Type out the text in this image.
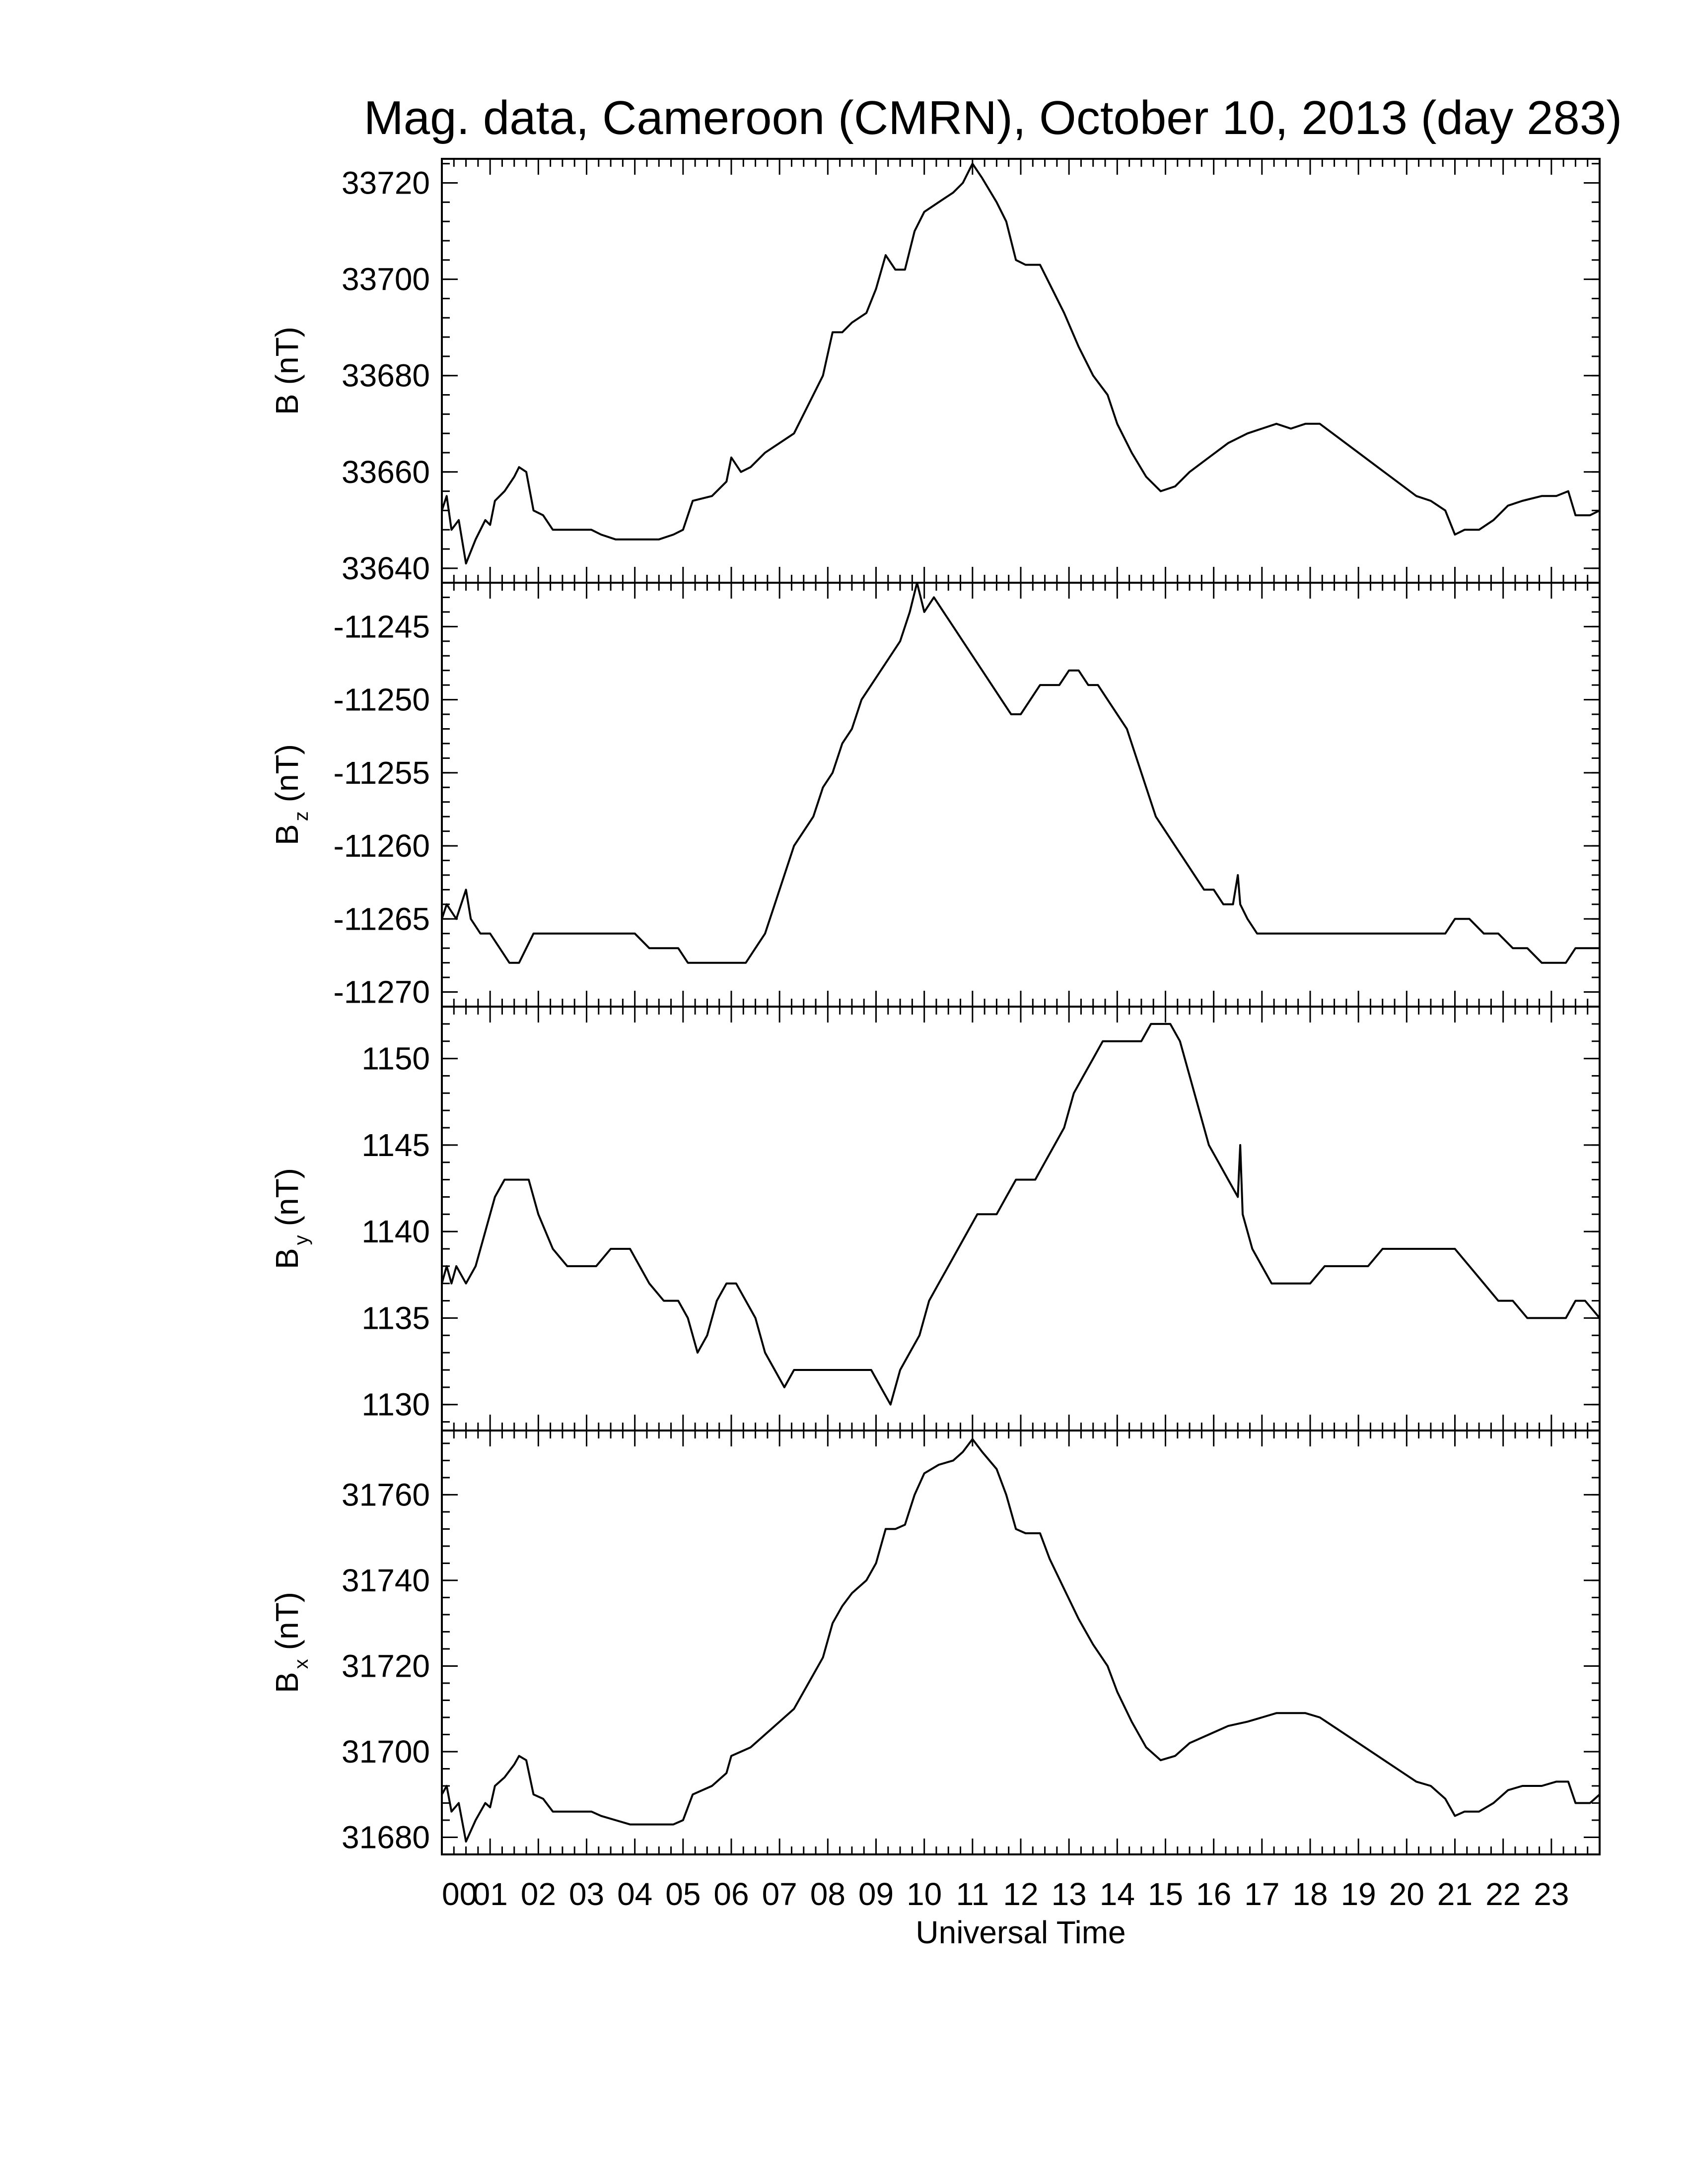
Mag. data, Cameroon (CMRN), October 10, 2013 (day 283)
33640
33660
33680
33700
33720
B(nT)
-11270
-11265
-11260
-11255
-11250
-11245
$B_z(nT)$
1130
1135
1140
1145
1150
$B_y(nT)$
31680
31700
31720
31740
31760
$B_x(nT)$
00
01 02 03 04 05 06 07 08 09 10 11 12 13 14 15 16 17 18 19 20 21 22 23
Universal Time
